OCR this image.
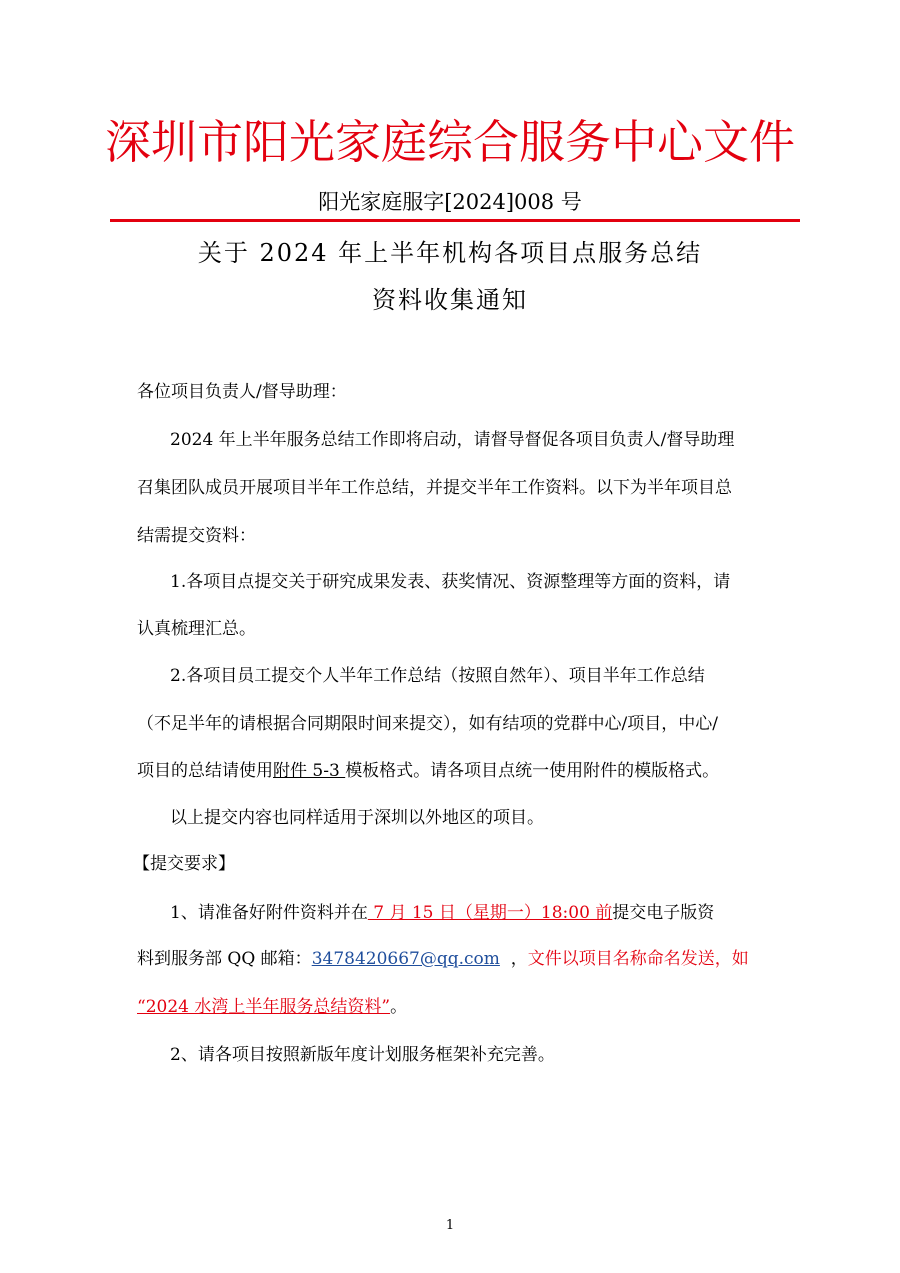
深圳市阳光家庭综合服务中心文件
阳光家庭服字[2024]008 号
关于 2024 年上半年机构各项目点服务总结
资料收集通知
各位项目负责人/督导助理：
2024 年上半年服务总结工作即将启动，请督导督促各项目负责人/督导助理
召集团队成员开展项目半年工作总结，并提交半年工作资料。以下为半年项目总
结需提交资料：
1.各项目点提交关于研究成果发表、获奖情况、资源整理等方面的资料，请
认真梳理汇总。
2.各项目员工提交个人半年工作总结（按照自然年）、项目半年工作总结
（不足半年的请根据合同期限时间来提交），如有结项的党群中心/项目，中心/
项目的总结请使用附件 5-3 模板格式。请各项目点统一使用附件的模版格式。
以上提交内容也同样适用于深圳以外地区的项目。
【提交要求】
1、请准备好附件资料并在 7 月 15 日（星期一）18:00 前提交电子版资
料到服务部 QQ 邮箱：3478420667@qq.com  ，文件以项目名称命名发送，如
“2024 水湾上半年服务总结资料”。
2、请各项目按照新版年度计划服务框架补充完善。
1
